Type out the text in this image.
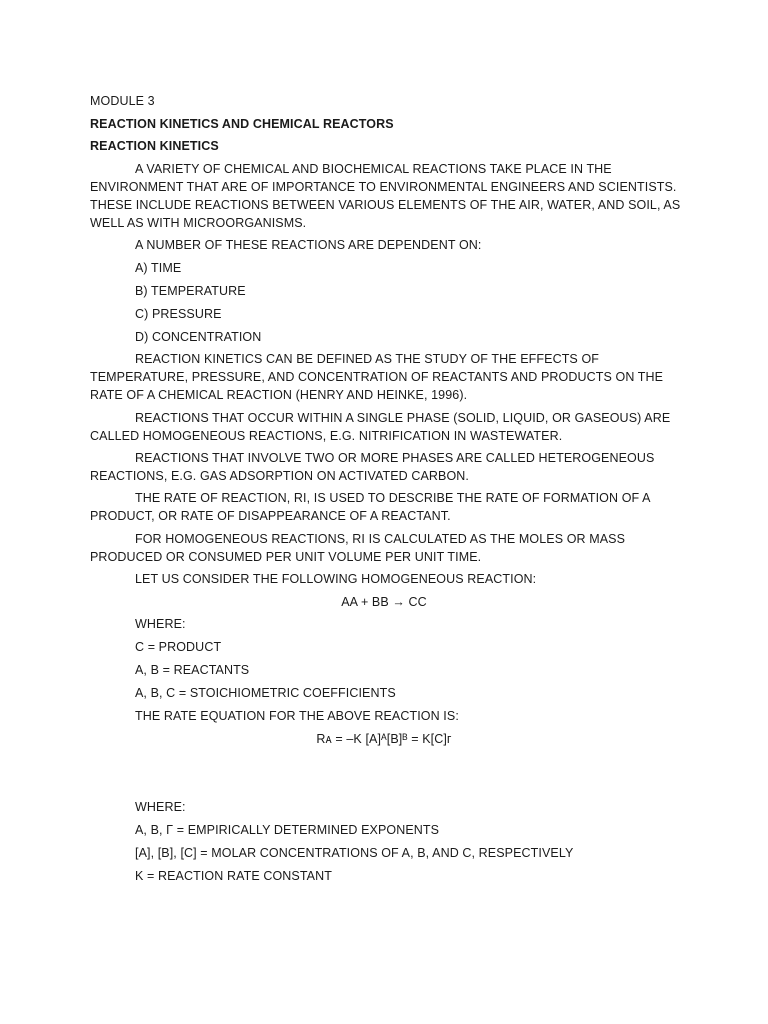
MODULE 3
REACTION KINETICS AND CHEMICAL REACTORS
REACTION KINETICS
A VARIETY OF CHEMICAL AND BIOCHEMICAL REACTIONS TAKE PLACE IN THE ENVIRONMENT THAT ARE OF IMPORTANCE TO ENVIRONMENTAL ENGINEERS AND SCIENTISTS. THESE INCLUDE REACTIONS BETWEEN VARIOUS ELEMENTS OF THE AIR, WATER, AND SOIL, AS WELL AS WITH MICROORGANISMS.
A NUMBER OF THESE REACTIONS ARE DEPENDENT ON:
A) TIME
B) TEMPERATURE
C) PRESSURE
D) CONCENTRATION
REACTION KINETICS CAN BE DEFINED AS THE STUDY OF THE EFFECTS OF TEMPERATURE, PRESSURE, AND CONCENTRATION OF REACTANTS AND PRODUCTS ON THE RATE OF A CHEMICAL REACTION (HENRY AND HEINKE, 1996).
REACTIONS THAT OCCUR WITHIN A SINGLE PHASE (SOLID, LIQUID, OR GASEOUS) ARE CALLED HOMOGENEOUS REACTIONS, E.G. NITRIFICATION IN WASTEWATER.
REACTIONS THAT INVOLVE TWO OR MORE PHASES ARE CALLED HETEROGENEOUS REACTIONS, E.G. GAS ADSORPTION ON ACTIVATED CARBON.
THE RATE OF REACTION, RI, IS USED TO DESCRIBE THE RATE OF FORMATION OF A PRODUCT, OR RATE OF DISAPPEARANCE OF A REACTANT.
FOR HOMOGENEOUS REACTIONS, RI IS CALCULATED AS THE MOLES OR MASS PRODUCED OR CONSUMED PER UNIT VOLUME PER UNIT TIME.
LET US CONSIDER THE FOLLOWING HOMOGENEOUS REACTION:
AA + BB → CC
WHERE:
C = PRODUCT
A, B = REACTANTS
A, B, C = STOICHIOMETRIC COEFFICIENTS
THE RATE EQUATION FOR THE ABOVE REACTION IS:
Rᴀ = –K [A]ᴬ[B]ᴮ = K[C]ᴦ
WHERE:
A, B, Γ = EMPIRICALLY DETERMINED EXPONENTS
[A], [B], [C] = MOLAR CONCENTRATIONS OF A, B, AND C, RESPECTIVELY
K = REACTION RATE CONSTANT
